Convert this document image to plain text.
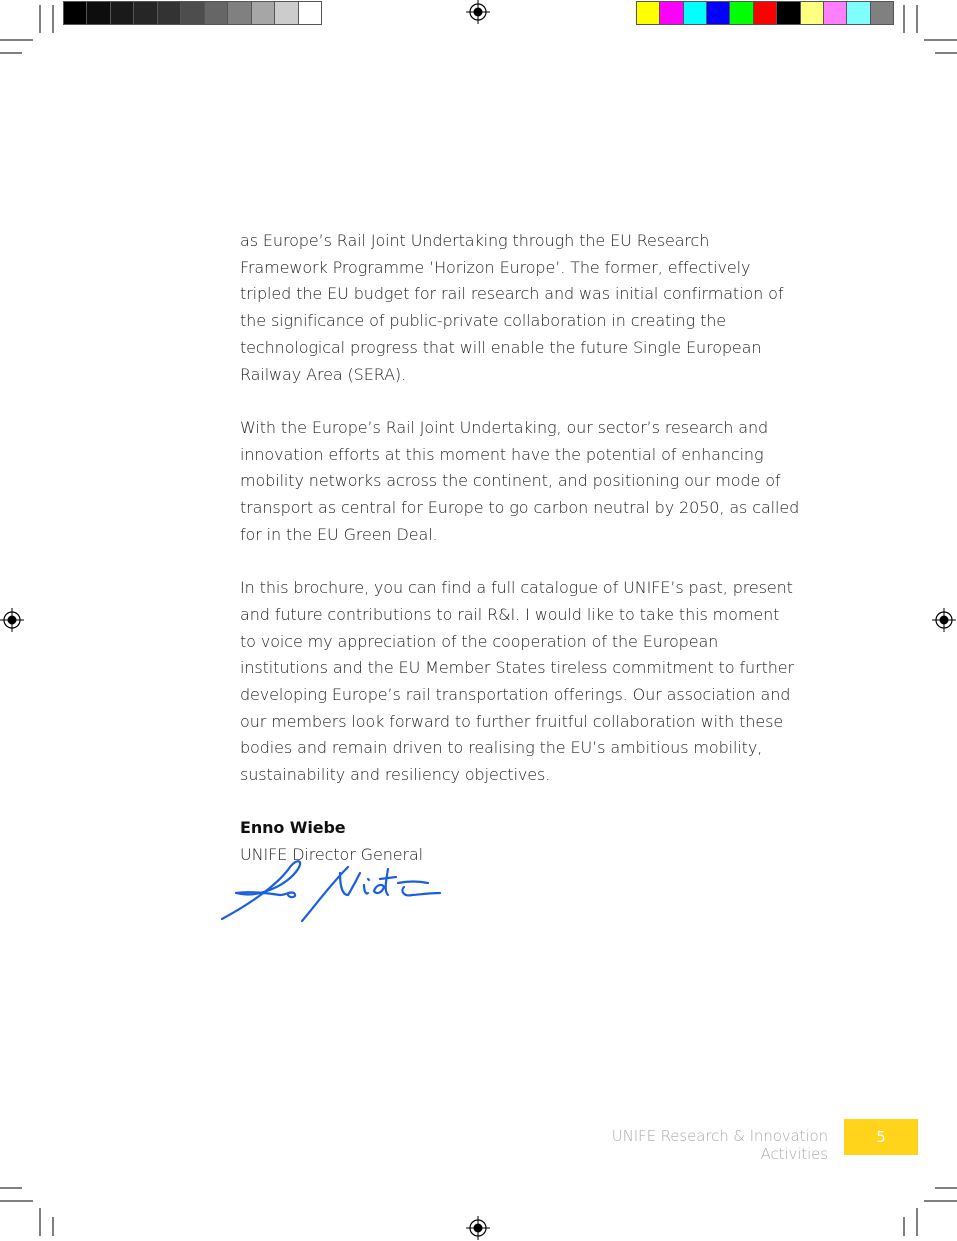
as Europe’s Rail Joint Undertaking through the EU Research Framework Programme ’Horizon Europe’. The former, effectively tripled the EU budget for rail research and was initial confirmation of the significance of public-private collaboration in creating the technological progress that will enable the future Single European Railway Area (SERA).

With the Europe’s Rail Joint Undertaking, our sector’s research and innovation efforts at this moment have the potential of enhancing mobility networks across the continent, and positioning our mode of transport as central for Europe to go carbon neutral by 2050, as called for in the EU Green Deal.

In this brochure, you can find a full catalogue of UNIFE’s past, present and future contributions to rail R&I. I would like to take this moment to voice my appreciation of the cooperation of the European institutions and the EU Member States tireless commitment to further developing Europe’s rail transportation offerings. Our association and our members look forward to further fruitful collaboration with these bodies and remain driven to realising the EU’s ambitious mobility, sustainability and resiliency objectives.

Enno Wiebe
UNIFE Director General
UNIFE Research & Innovation Activities
5
